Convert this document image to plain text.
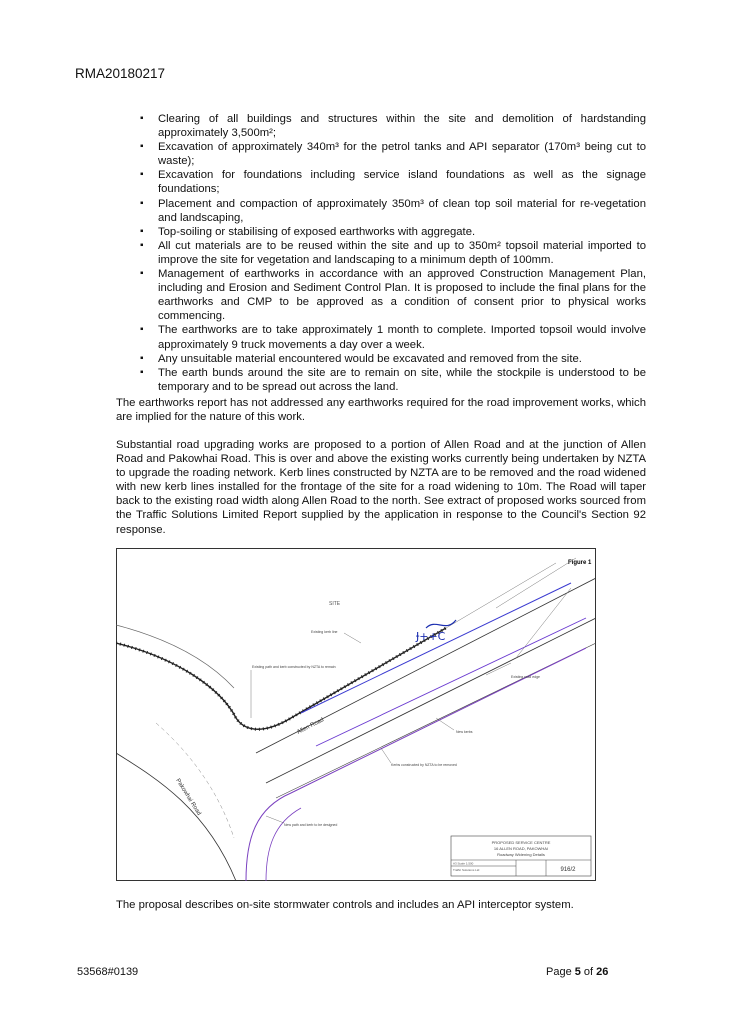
RMA20180217
▪ Clearing of all buildings and structures within the site and demolition of hardstanding approximately 3,500m²;
▪ Excavation of approximately 340m³ for the petrol tanks and API separator (170m³ being cut to waste);
▪ Excavation for foundations including service island foundations as well as the signage foundations;
▪ Placement and compaction of approximately 350m³ of clean top soil material for re-vegetation and landscaping,
▪ Top-soiling or stabilising of exposed earthworks with aggregate.
▪ All cut materials are to be reused within the site and up to 350m² topsoil material imported to improve the site for vegetation and landscaping to a minimum depth of 100mm.
▪ Management of earthworks in accordance with an approved Construction Management Plan, including and Erosion and Sediment Control Plan. It is proposed to include the final plans for the earthworks and CMP to be approved as a condition of consent prior to physical works commencing.
▪ The earthworks are to take approximately 1 month to complete. Imported topsoil would involve approximately 9 truck movements a day over a week.
▪ Any unsuitable material encountered would be excavated and removed from the site.
▪ The earth bunds around the site are to remain on site, while the stockpile is understood to be temporary and to be spread out across the land.

The earthworks report has not addressed any earthworks required for the road improvement works, which are implied for the nature of this work.

Substantial road upgrading works are proposed to a portion of Allen Road and at the junction of Allen Road and Pakowhai Road. This is over and above the existing works currently being undertaken by NZTA to upgrade the roading network. Kerb lines constructed by NZTA are to be removed and the road widened with new kerb lines installed for the frontage of the site for a road widening to 10m. The Road will taper back to the existing road width along Allen Road to the north. See extract of proposed works sourced from the Traffic Solutions Limited Report supplied by the application in response to the Council's Section 92 response.

Figure 1
SITE
Ɉ++С
Allen Road
Pakowhai Road
Existing kerb line
Existing path and kerb constructed by NZTA to remain
Existing road edge
New kerbs
Kerbs constructed by NZTA to be removed
New path and kerb to be designed
PROPOSED SERVICE CENTRE
16 ALLEN ROAD, PAKOWHAI
Roadway Widening Details
A3 Scale 1:500
Traffic Solutions Ltd	916/2

The proposal describes on-site stormwater controls and includes an API interceptor system.

53568#0139	Page 5 of 26
